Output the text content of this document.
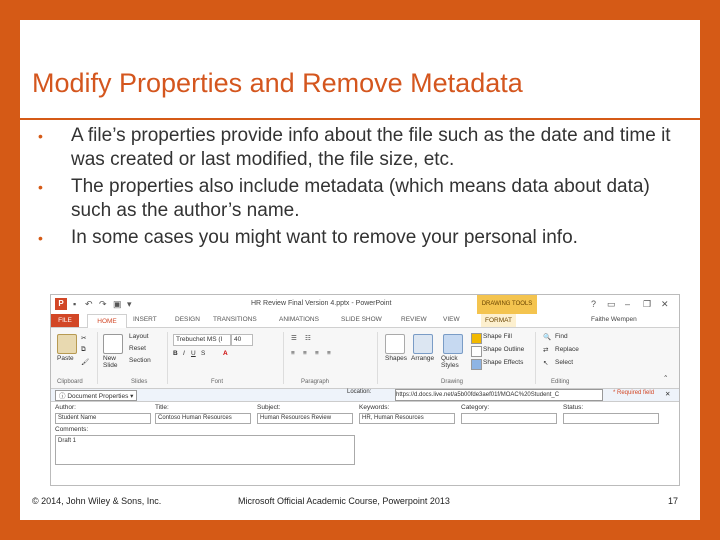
Modify Properties and Remove Metadata
• A file’s properties provide info about the file such as the date and time it was created or last modified, the file size, etc.
• The properties also include metadata (which means data about data) such as the author’s name.
• In some cases you might want to remove your personal info.
P	▪ ↶ ↷ ▣ ▾	HR Review Final Version 4.pptx - PowerPoint	DRAWING TOOLS	? ▭ – ❐ ✕
FILE	HOME	INSERT	DESIGN TRANSITIONS	ANIMATIONS	SLIDE SHOW	REVIEW	VIEW	FORMAT	Faithe Wempen
Paste
✂
⧉
🖌
Clipboard
New Slide
Layout
Reset
Section
Slides
Trebuchet MS (I	40
B I U S	A
Font
☰ ☷
≡ ≡ ≡ ≡
Paragraph
Shapes Arrange Quick Styles
Shape Fill
Shape Outline
Shape Effects
Drawing
🔍 Find
⇄ Replace
↖ Select
Editing	⌃
ⓘ Document Properties ▾
Location:	https://d.docs.live.net/a5b00fde3aef01f/MOAC%20Student_C	* Required field ✕
Author:
Student Name
Title:
Contoso Human Resources
Subject:
Human Resources Review
Keywords:
HR, Human Resources
Category:	Status:
Comments:
Draft 1
© 2014, John Wiley & Sons, Inc.	Microsoft Official Academic Course, Powerpoint 2013	17
